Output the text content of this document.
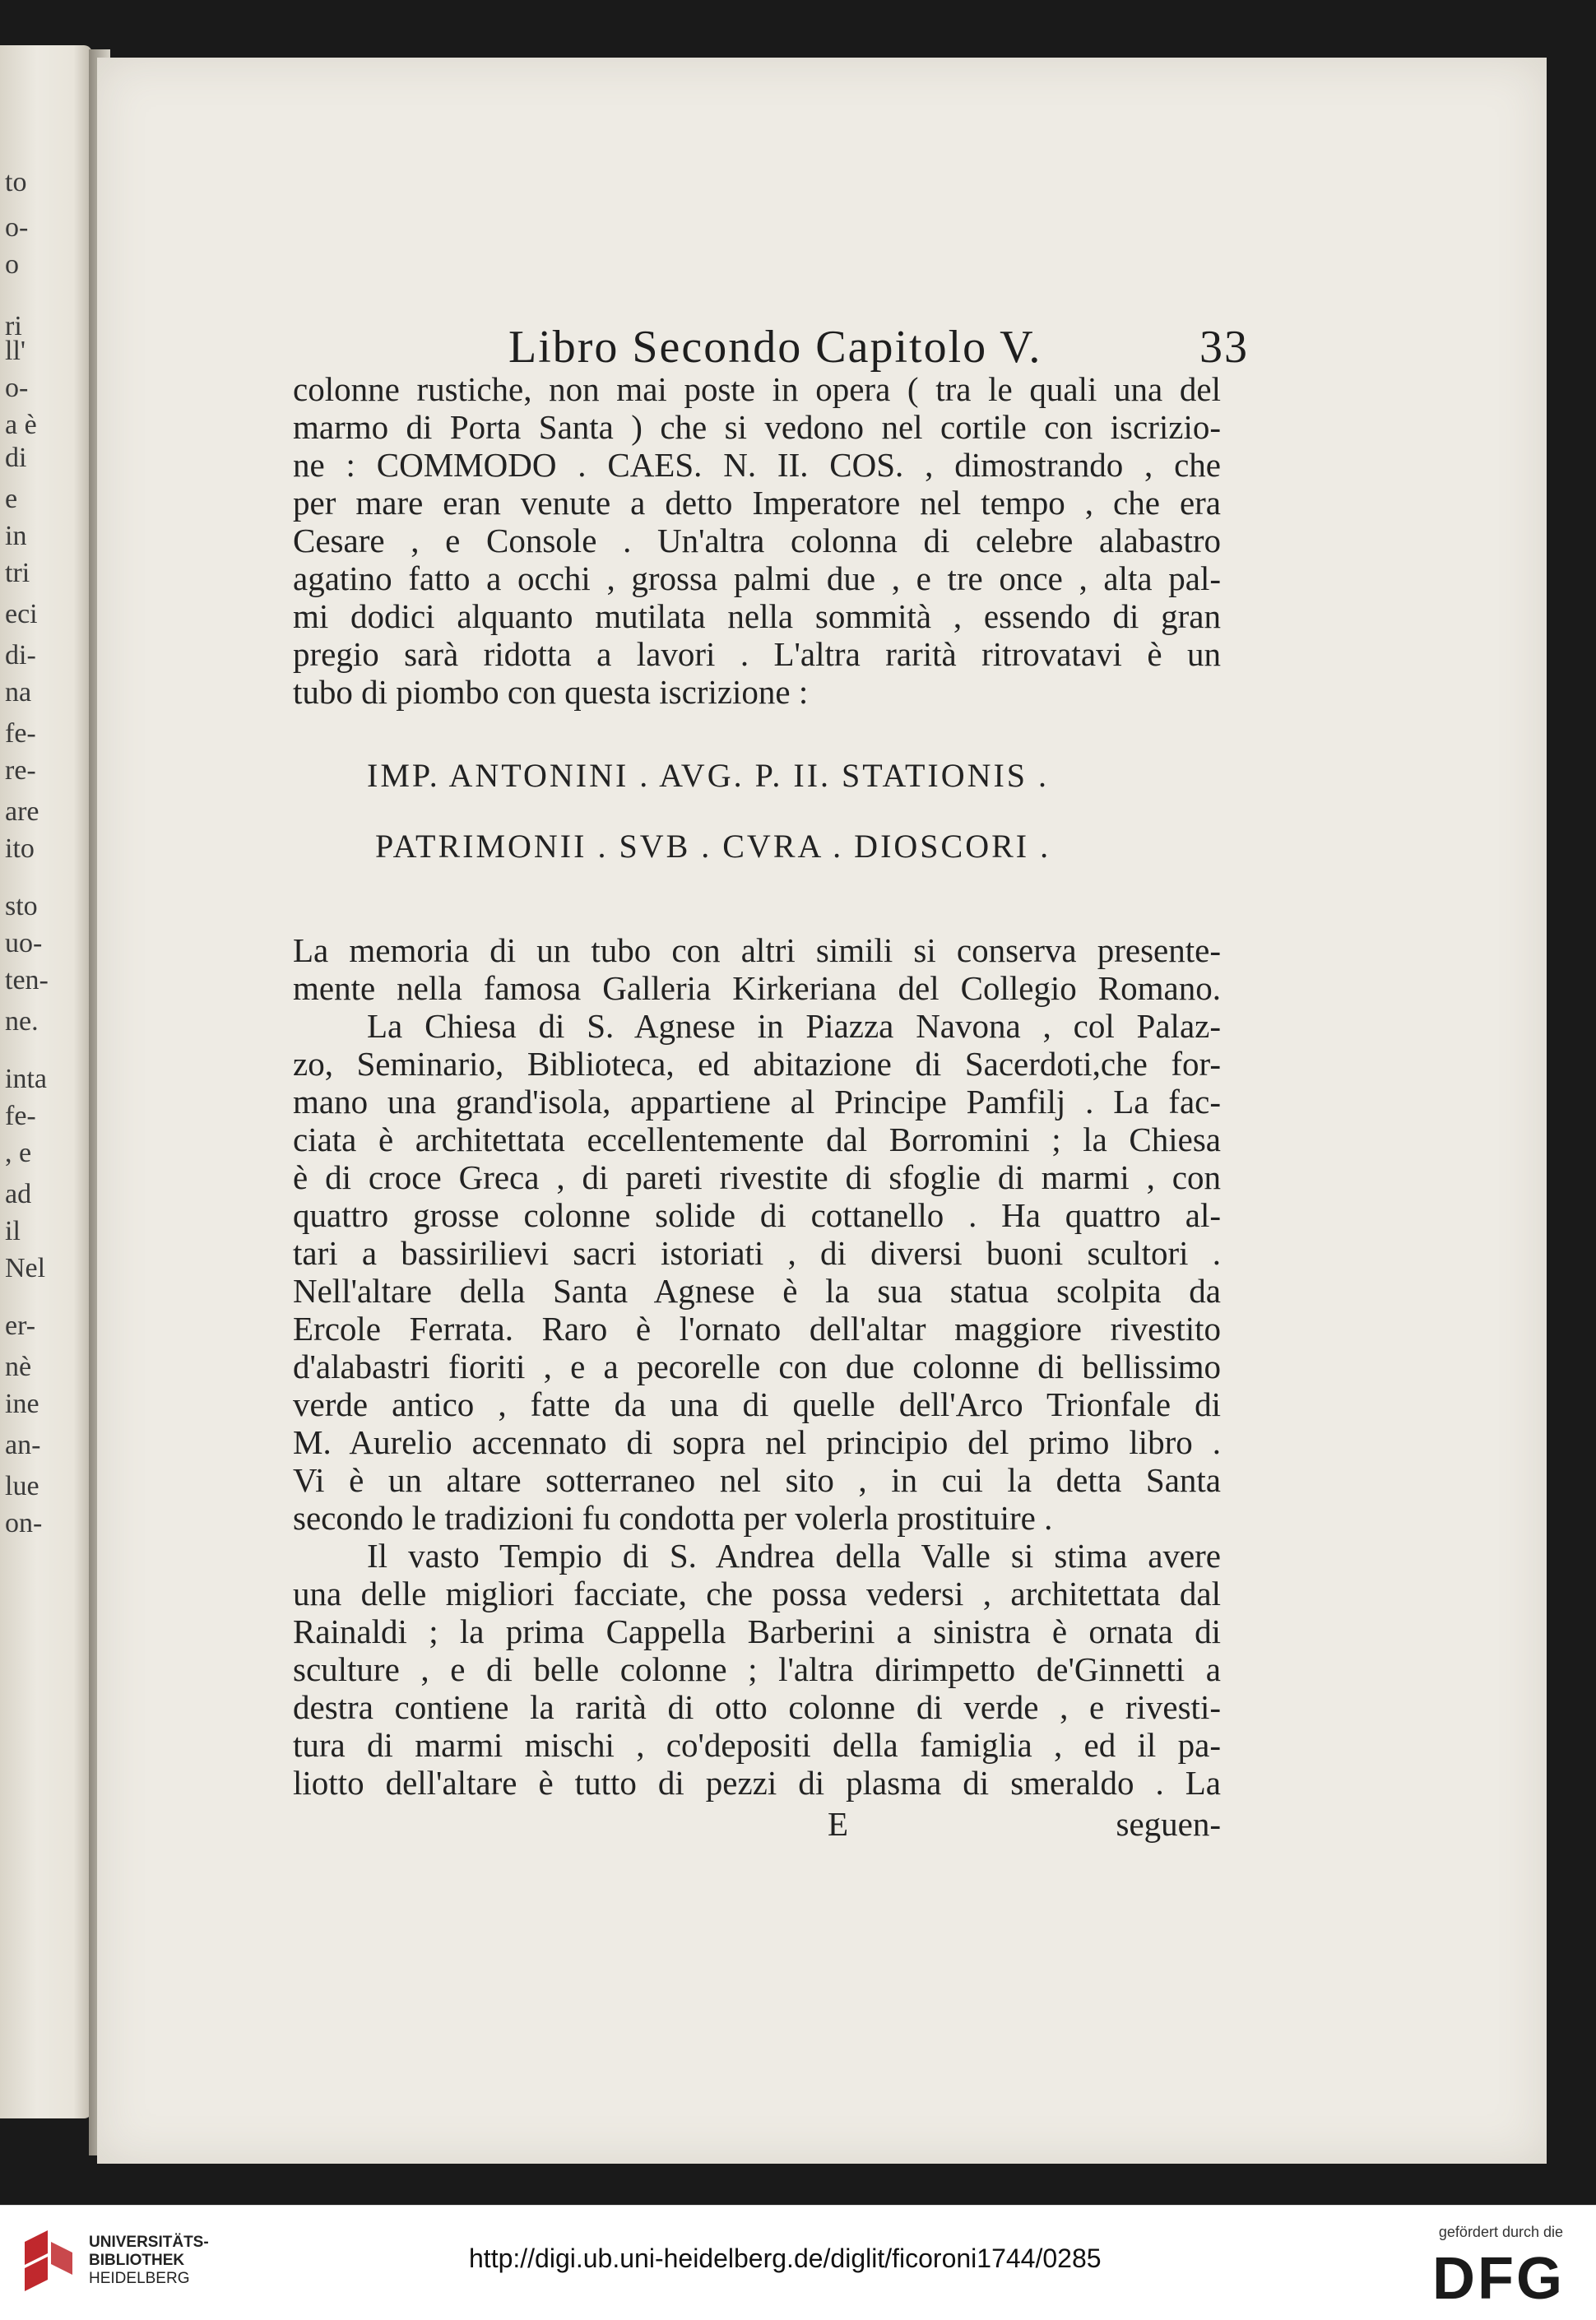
to
o-
o
ri
ll'
o-
a è
di
e
in
tri
eci
di-
na
fe-
re-
are
ito
sto
uo-
ten-
ne.
inta
fe-
, e
ad
il
Nel
er-
nè
ine
an-
lue
on-
Libro Secondo Capitolo V.	33
colonne rustiche, non mai poste in opera ( tra le quali una del
marmo di Porta Santa ) che si vedono nel cortile con iscrizio-
ne : COMMODO . CAES. N. II. COS. , dimostrando , che
per mare eran venute a detto Imperatore nel tempo , che era
Cesare , e Console . Un'altra colonna di celebre alabastro
agatino fatto a occhi , grossa palmi due , e tre once , alta pal-
mi dodici alquanto mutilata nella sommità , essendo di gran
pregio sarà ridotta a lavori . L'altra rarità ritrovatavi è un
tubo di piombo con questa iscrizione :
IMP. ANTONINI . AVG. P. II. STATIONIS .
PATRIMONII . SVB . CVRA . DIOSCORI .
La memoria di un tubo con altri simili si conserva presente-
mente nella famosa Galleria Kirkeriana del Collegio Romano.
La Chiesa di S. Agnese in Piazza Navona , col Palaz-
zo, Seminario, Biblioteca, ed abitazione di Sacerdoti,che for-
mano una grand'isola, appartiene al Principe Pamfilj . La fac-
ciata è architettata eccellentemente dal Borromini ; la Chiesa
è di croce Greca , di pareti rivestite di sfoglie di marmi , con
quattro grosse colonne solide di cottanello . Ha quattro al-
tari a bassirilievi sacri istoriati , di diversi buoni scultori .
Nell'altare della Santa Agnese è la sua statua scolpita da
Ercole Ferrata. Raro è l'ornato dell'altar maggiore rivestito
d'alabastri fioriti , e a pecorelle con due colonne di bellissimo
verde antico , fatte da una di quelle dell'Arco Trionfale di
M. Aurelio accennato di sopra nel principio del primo libro .
Vi è un altare sotterraneo nel sito , in cui la detta Santa
secondo le tradizioni fu condotta per volerla prostituire .
Il vasto Tempio di S. Andrea della Valle si stima avere
una delle migliori facciate, che possa vedersi , architettata dal
Rainaldi ; la prima Cappella Barberini a sinistra è ornata di
sculture , e di belle colonne ; l'altra dirimpetto de'Ginnetti a
destra contiene la rarità di otto colonne di verde , e rivesti-
tura di marmi mischi , co'depositi della famiglia , ed il pa-
liotto dell'altare è tutto di pezzi di plasma di smeraldo . La
E	seguen-
UNIVERSITÄTS-
BIBLIOTHEK
HEIDELBERG
http://digi.ub.uni-heidelberg.de/diglit/ficoroni1744/0285
gefördert durch die
DFG
